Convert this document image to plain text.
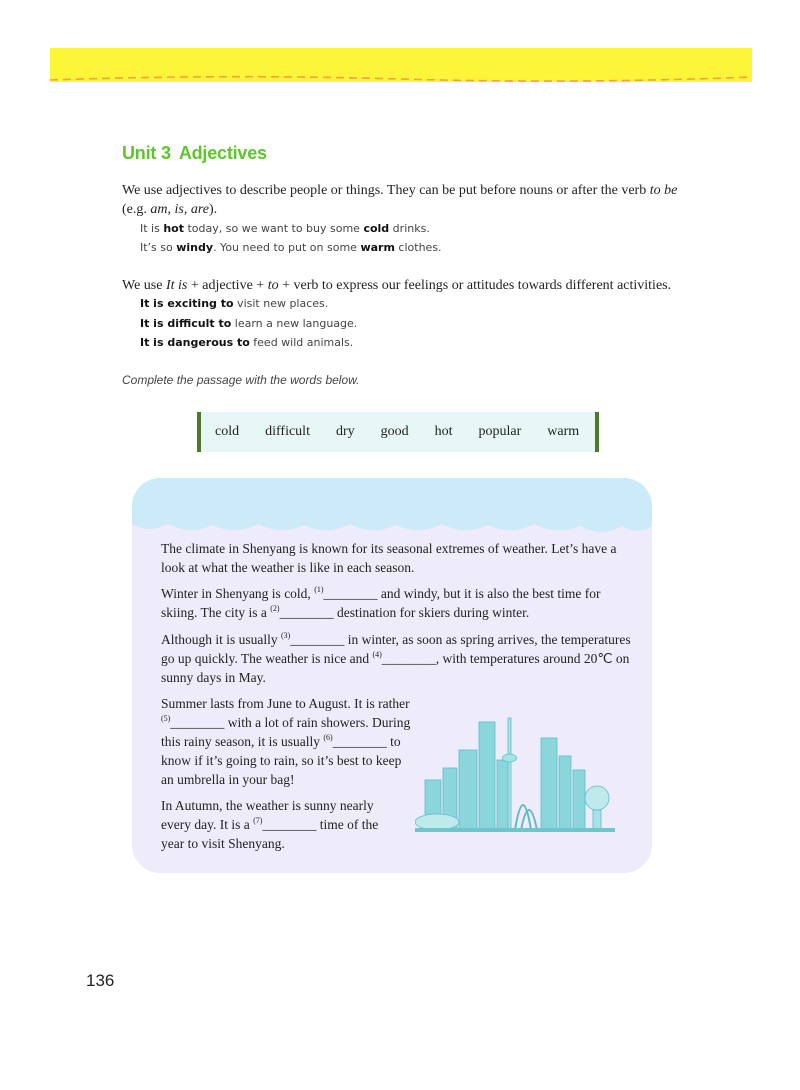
Unit 3 Adjectives
We use adjectives to describe people or things. They can be put before nouns or after the verb to be
(e.g. am, is, are).
It is hot today, so we want to buy some cold drinks.
It’s so windy. You need to put on some warm clothes.
We use It is + adjective + to + verb to express our feelings or attitudes towards different activities.
It is exciting to visit new places.
It is difficult to learn a new language.
It is dangerous to feed wild animals.
Complete the passage with the words below.
cold difficult dry good hot popular warm
The climate in Shenyang is known for its seasonal extremes of weather. Let’s have a look at what the weather is like in each season.
Winter in Shenyang is cold, $^{(1)}$________ and windy, but it is also the best time for skiing. The city is a $^{(2)}$________ destination for skiers during winter.
Although it is usually $^{(3)}$________ in winter, as soon as spring arrives, the temperatures go up quickly. The weather is nice and $^{(4)}$________, with temperatures around 20℃ on sunny days in May.
Summer lasts from June to August. It is rather $^{(5)}$________ with a lot of rain showers. During this rainy season, it is usually $^{(6)}$________ to know if it’s going to rain, so it’s best to keep an umbrella in your bag!
In Autumn, the weather is sunny nearly every day. It is a $^{(7)}$________ time of the year to visit Shenyang.
136
